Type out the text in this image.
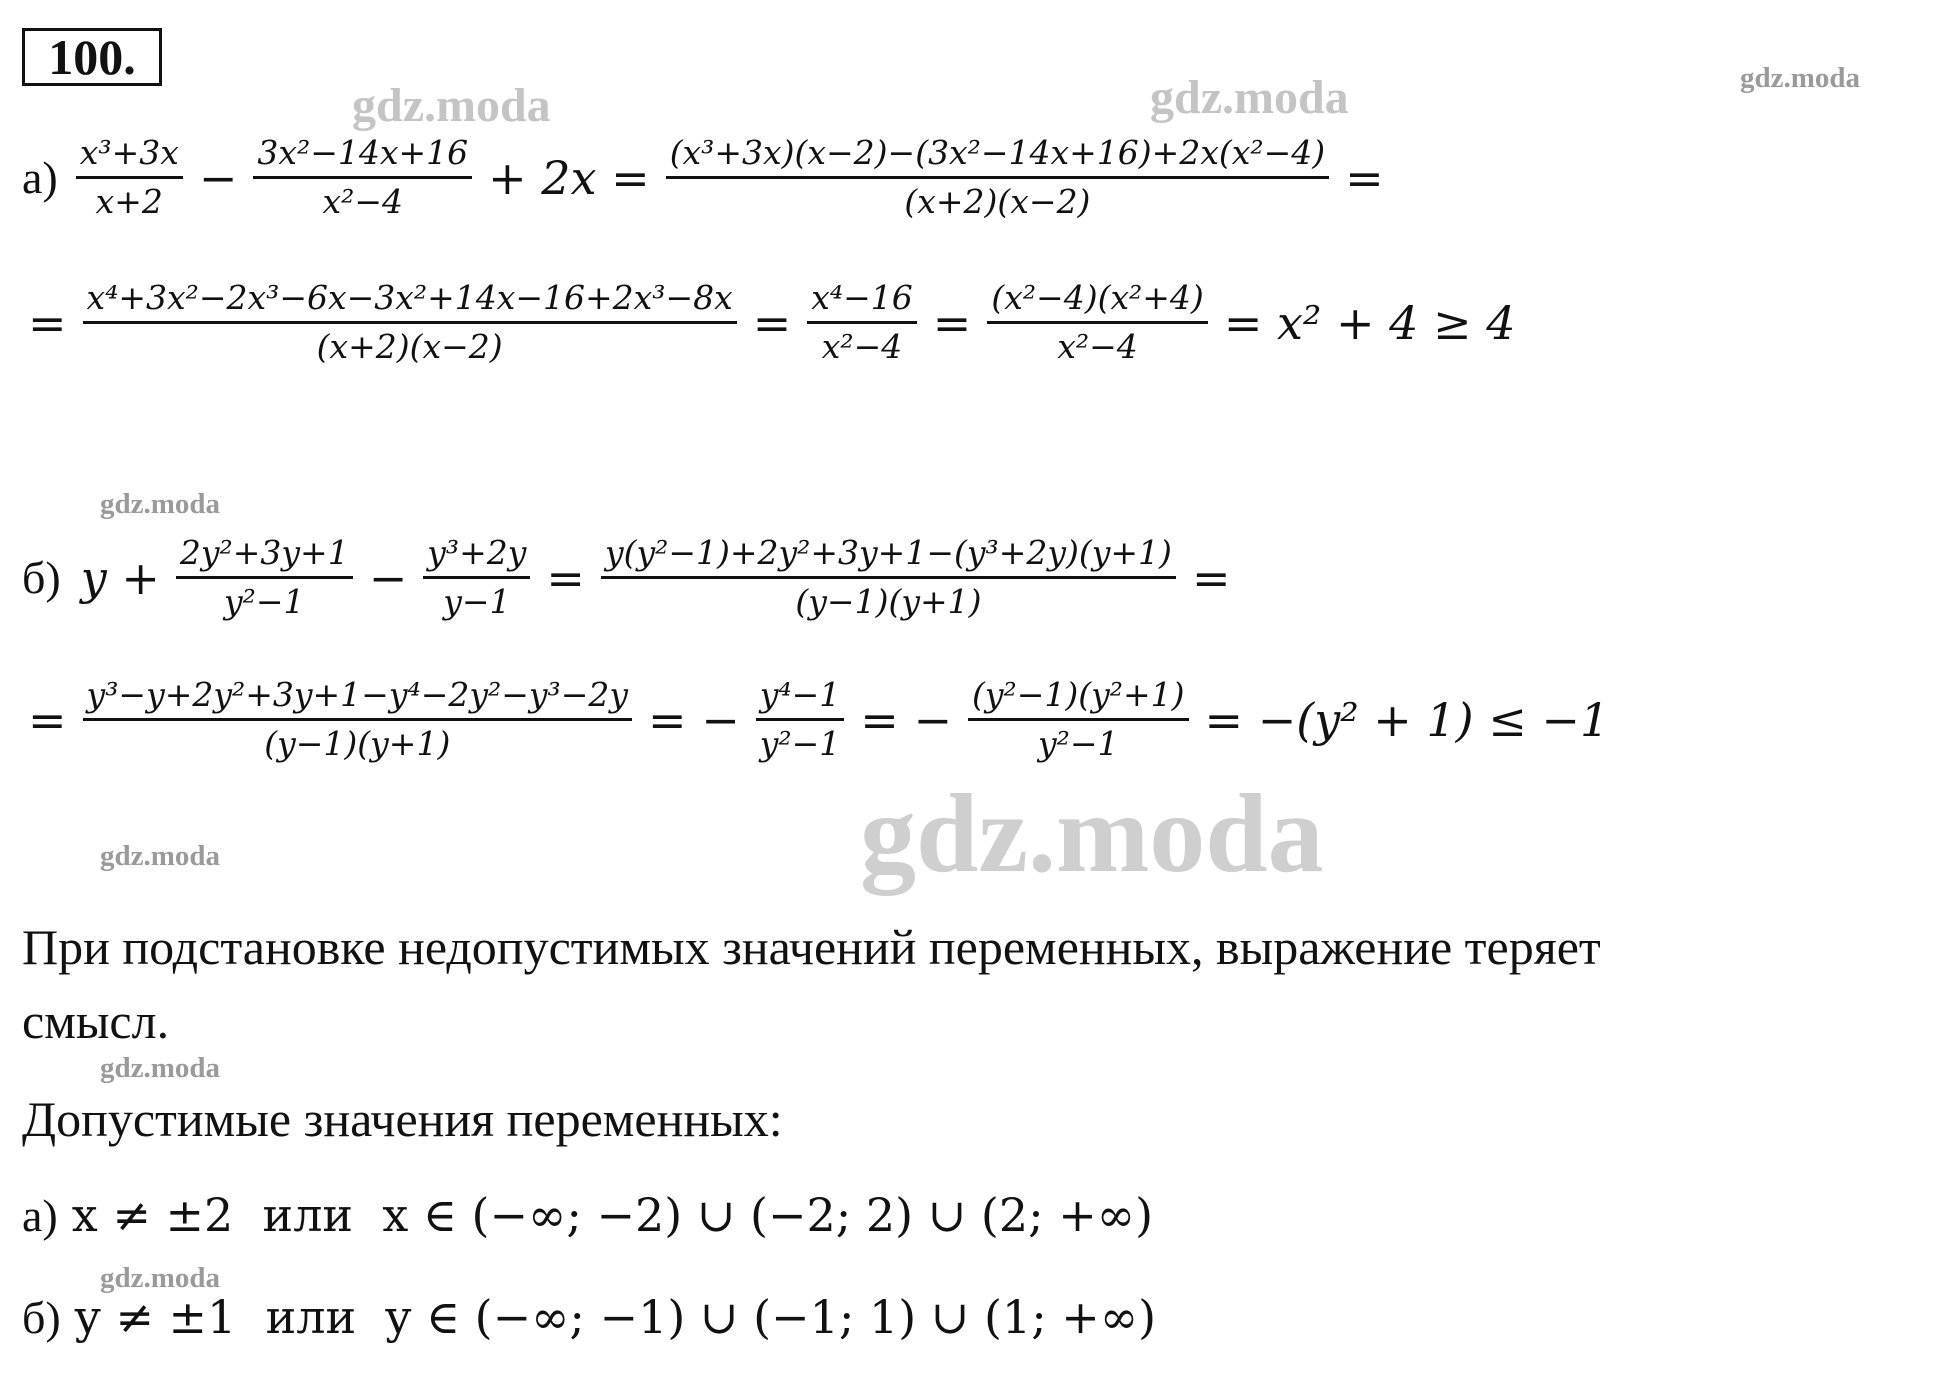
100.
gdz.moda	gdz.moda	gdz.moda
gdz.moda
gdz.moda
gdz.moda
gdz.moda
gdz.moda
$а) \frac{\text{x³+3x}}{x+2} - \frac{\text{3x²−14x+16}}{\text{x²−4}} + 2x = \frac{\text{(x³+3x)(x−2)−(3x²−14x+16)+2x(x²−4)}}{(x+2)(x-2)}$ =
= $\frac{\text{x⁴+3x²−2x³−6x−3x²+14x−16+2x³−8x}}{(x+2)(x-2)} = \frac{\text{x⁴−16}}{\text{x²−4}} = \frac{\text{(x²−4)(x²+4)}}{\text{x²−4}} = x^2 + 4 \ge 4$
б) $y + \frac{\text{2y²+3y+1}}{\text{y²−1}} - \frac{\text{y³+2y}}{y-1} = \frac{\text{y(y²−1)+2y²+3y+1−(y³+2y)(y+1)}}{(y-1)(y+1)}$ =
= $\frac{\text{y³−y+2y²+3y+1−y⁴−2y²−y³−2y}}{(y-1)(y+1)}$ = − $\frac{\text{y⁴−1}}{\text{y²−1}}$ = − $\frac{\text{(y²−1)(y²+1)}}{\text{y²−1}} = -(y^2 + 1) \le -1$
При подстановке недопустимых значений переменных, выражение теряет
смысл.
Допустимые значения переменных:
а) x ≠ ±2  или  x ∈ (−∞; −2) ∪ (−2; 2) ∪ (2; +∞)
б) y ≠ ±1  или  y ∈ (−∞; −1) ∪ (−1; 1) ∪ (1; +∞)
